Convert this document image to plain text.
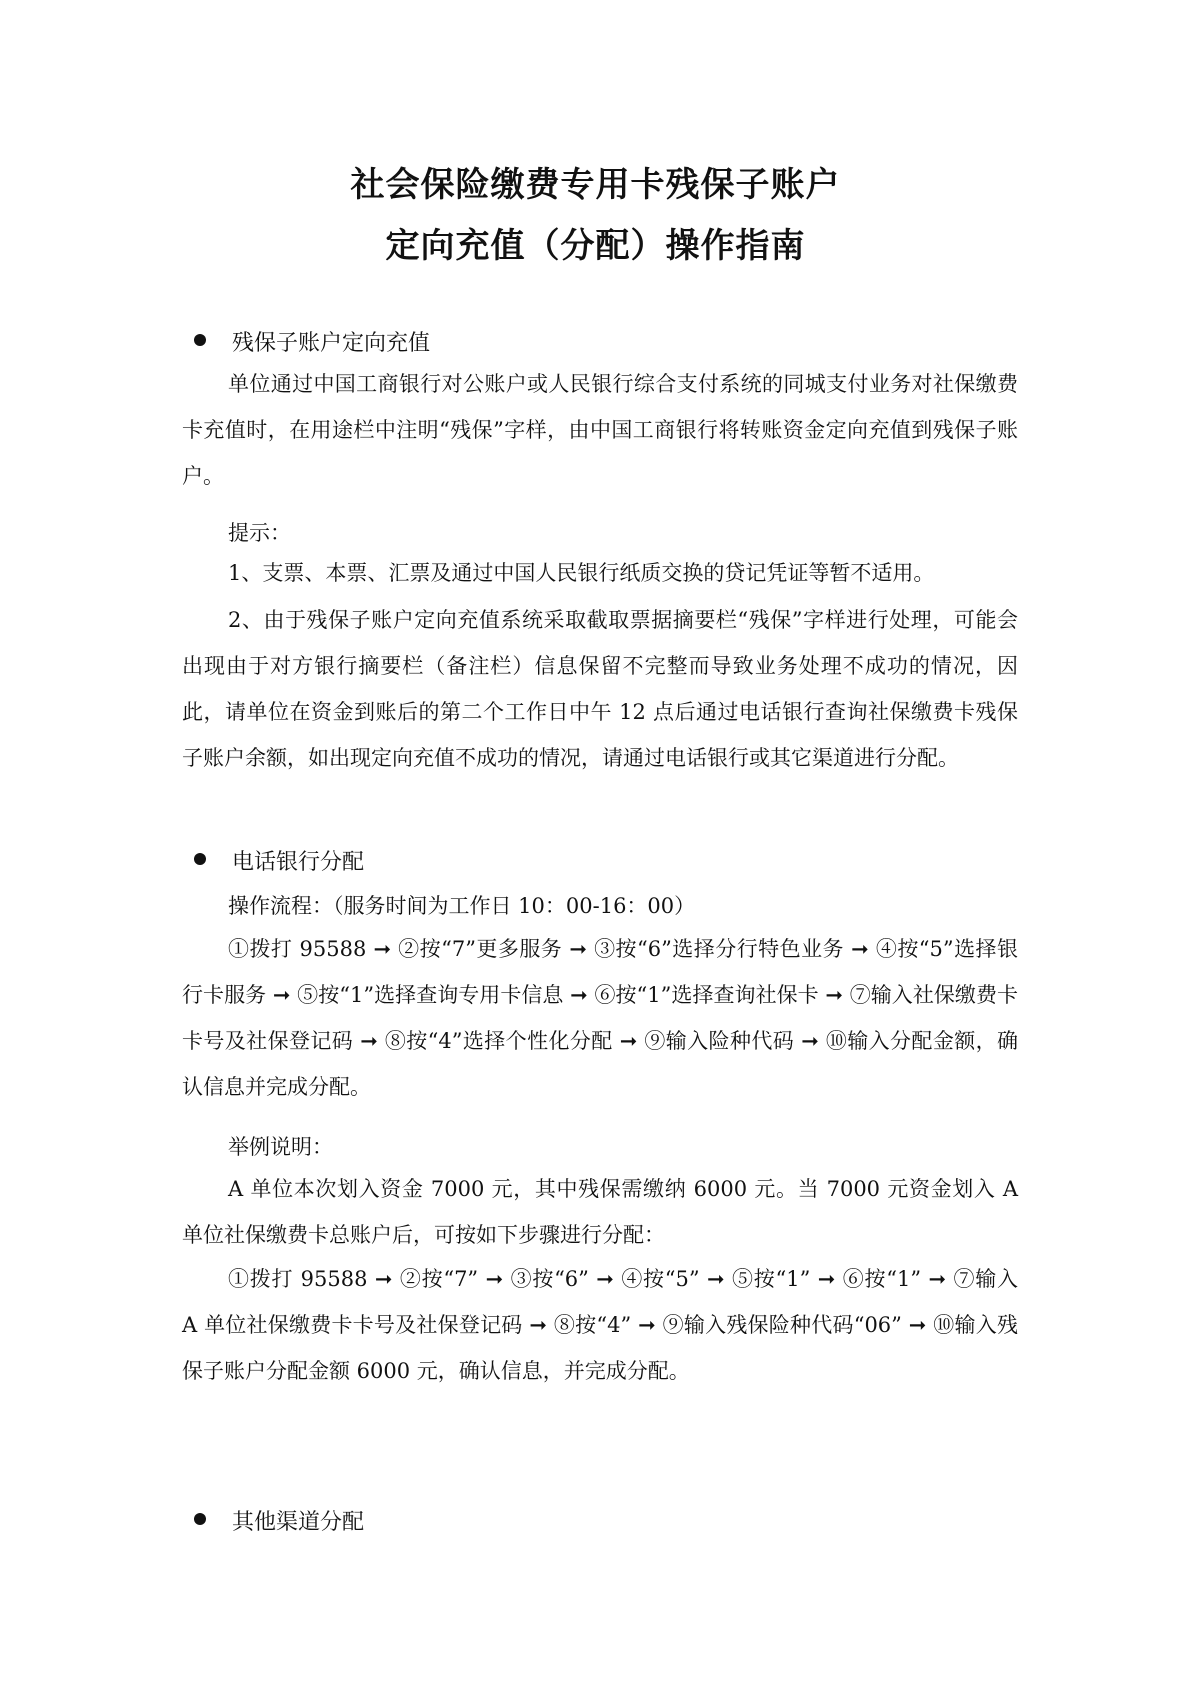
社会保险缴费专用卡残保子账户
定向充值（分配）操作指南
残保子账户定向充值

单位通过中国工商银行对公账户或人民银行综合支付系统的同城支付业务对社保缴费卡充值时，在用途栏中注明“残保”字样，由中国工商银行将转账资金定向充值到残保子账户。

提示：

1、支票、本票、汇票及通过中国人民银行纸质交换的贷记凭证等暂不适用。

2、由于残保子账户定向充值系统采取截取票据摘要栏“残保”字样进行处理，可能会出现由于对方银行摘要栏（备注栏）信息保留不完整而导致业务处理不成功的情况，因此，请单位在资金到账后的第二个工作日中午 12 点后通过电话银行查询社保缴费卡残保子账户余额，如出现定向充值不成功的情况，请通过电话银行或其它渠道进行分配。

电话银行分配
操作流程：（服务时间为工作日 10：00-16：00）

①拨打 95588 ➞ ②按“7”更多服务 ➞ ③按“6”选择分行特色业务 ➞ ④按“5”选择银行卡服务 ➞ ⑤按“1”选择查询专用卡信息 ➞ ⑥按“1”选择查询社保卡 ➞ ⑦输入社保缴费卡卡号及社保登记码 ➞ ⑧按“4”选择个性化分配 ➞ ⑨输入险种代码 ➞ ⑩输入分配金额，确认信息并完成分配。

举例说明：

A 单位本次划入资金 7000 元，其中残保需缴纳 6000 元。当 7000 元资金划入 A 单位社保缴费卡总账户后，可按如下步骤进行分配：

①拨打 95588 ➞ ②按“7” ➞ ③按“6” ➞ ④按“5” ➞ ⑤按“1” ➞ ⑥按“1” ➞ ⑦输入 A 单位社保缴费卡卡号及社保登记码 ➞ ⑧按“4” ➞ ⑨输入残保险种代码“06” ➞ ⑩输入残保子账户分配金额 6000 元，确认信息，并完成分配。

其他渠道分配
